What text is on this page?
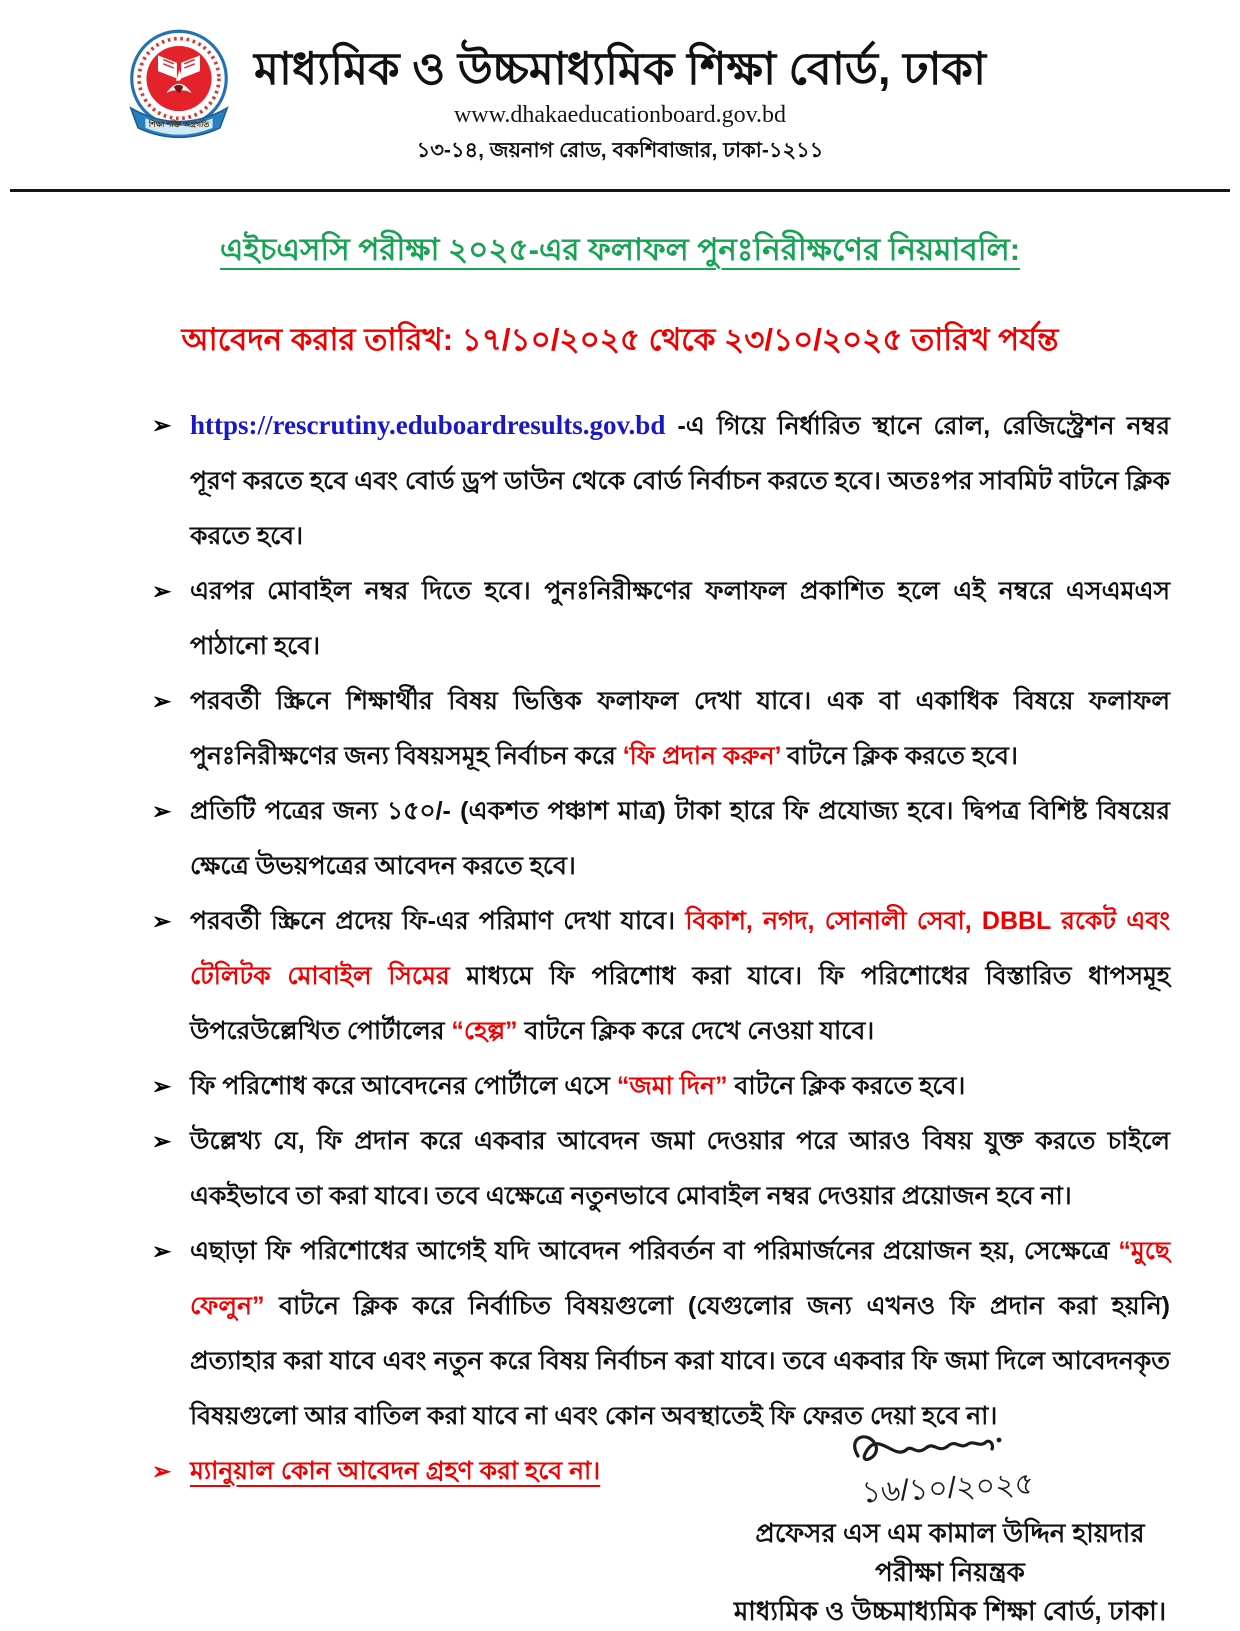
শিক্ষা শক্তি অগ্রগতি
মাধ্যমিক ও উচ্চমাধ্যমিক শিক্ষা বোর্ড, ঢাকা
www.dhakaeducationboard.gov.bd
১৩-১৪, জয়নাগ রোড, বকশিবাজার, ঢাকা-১২১১
এইচএসসি পরীক্ষা ২০২৫-এর ফলাফল পুনঃনিরীক্ষণের নিয়মাবলি:
আবেদন করার তারিখ: ১৭/১০/২০২৫ থেকে ২৩/১০/২০২৫ তারিখ পর্যন্ত
➢ https://rescrutiny.eduboardresults.gov.bd -এ গিয়ে নির্ধারিত স্থানে রোল, রেজিস্ট্রেশন নম্বর পূরণ করতে হবে এবং বোর্ড ড্রপ ডাউন থেকে বোর্ড নির্বাচন করতে হবে। অতঃপর সাবমিট বাটনে ক্লিক করতে হবে।
➢ এরপর মোবাইল নম্বর দিতে হবে। পুনঃনিরীক্ষণের ফলাফল প্রকাশিত হলে এই নম্বরে এসএমএস পাঠানো হবে।
➢ পরবর্তী স্ক্রিনে শিক্ষার্থীর বিষয় ভিত্তিক ফলাফল দেখা যাবে। এক বা একাধিক বিষয়ে ফলাফল পুনঃনিরীক্ষণের জন্য বিষয়সমূহ নির্বাচন করে ‘ফি প্রদান করুন’ বাটনে ক্লিক করতে হবে।
➢ প্রতিটি পত্রের জন্য ১৫০/- (একশত পঞ্চাশ মাত্র) টাকা হারে ফি প্রযোজ্য হবে। দ্বিপত্র বিশিষ্ট বিষয়ের ক্ষেত্রে উভয়পত্রের আবেদন করতে হবে।
➢ পরবর্তী স্ক্রিনে প্রদেয় ফি-এর পরিমাণ দেখা যাবে। বিকাশ, নগদ, সোনালী সেবা, DBBL রকেট এবং টেলিটক মোবাইল সিমের মাধ্যমে ফি পরিশোধ করা যাবে। ফি পরিশোধের বিস্তারিত ধাপসমূহ উপরেউল্লেখিত পোর্টালের “হেল্প” বাটনে ক্লিক করে দেখে নেওয়া যাবে।
➢ ফি পরিশোধ করে আবেদনের পোর্টালে এসে “জমা দিন” বাটনে ক্লিক করতে হবে।
➢ উল্লেখ্য যে, ফি প্রদান করে একবার আবেদন জমা দেওয়ার পরে আরও বিষয় যুক্ত করতে চাইলে একইভাবে তা করা যাবে। তবে এক্ষেত্রে নতুনভাবে মোবাইল নম্বর দেওয়ার প্রয়োজন হবে না।
➢ এছাড়া ফি পরিশোধের আগেই যদি আবেদন পরিবর্তন বা পরিমার্জনের প্রয়োজন হয়, সেক্ষেত্রে “মুছে ফেলুন” বাটনে ক্লিক করে নির্বাচিত বিষয়গুলো (যেগুলোর জন্য এখনও ফি প্রদান করা হয়নি) প্রত্যাহার করা যাবে এবং নতুন করে বিষয় নির্বাচন করা যাবে। তবে একবার ফি জমা দিলে আবেদনকৃত বিষয়গুলো আর বাতিল করা যাবে না এবং কোন অবস্থাতেই ফি ফেরত দেয়া হবে না।
➢ ম্যানুয়াল কোন আবেদন গ্রহণ করা হবে না।	১৬/১০/২০২৫
প্রফেসর এস এম কামাল উদ্দিন হায়দার
পরীক্ষা নিয়ন্ত্রক
মাধ্যমিক ও উচ্চমাধ্যমিক শিক্ষা বোর্ড, ঢাকা।
